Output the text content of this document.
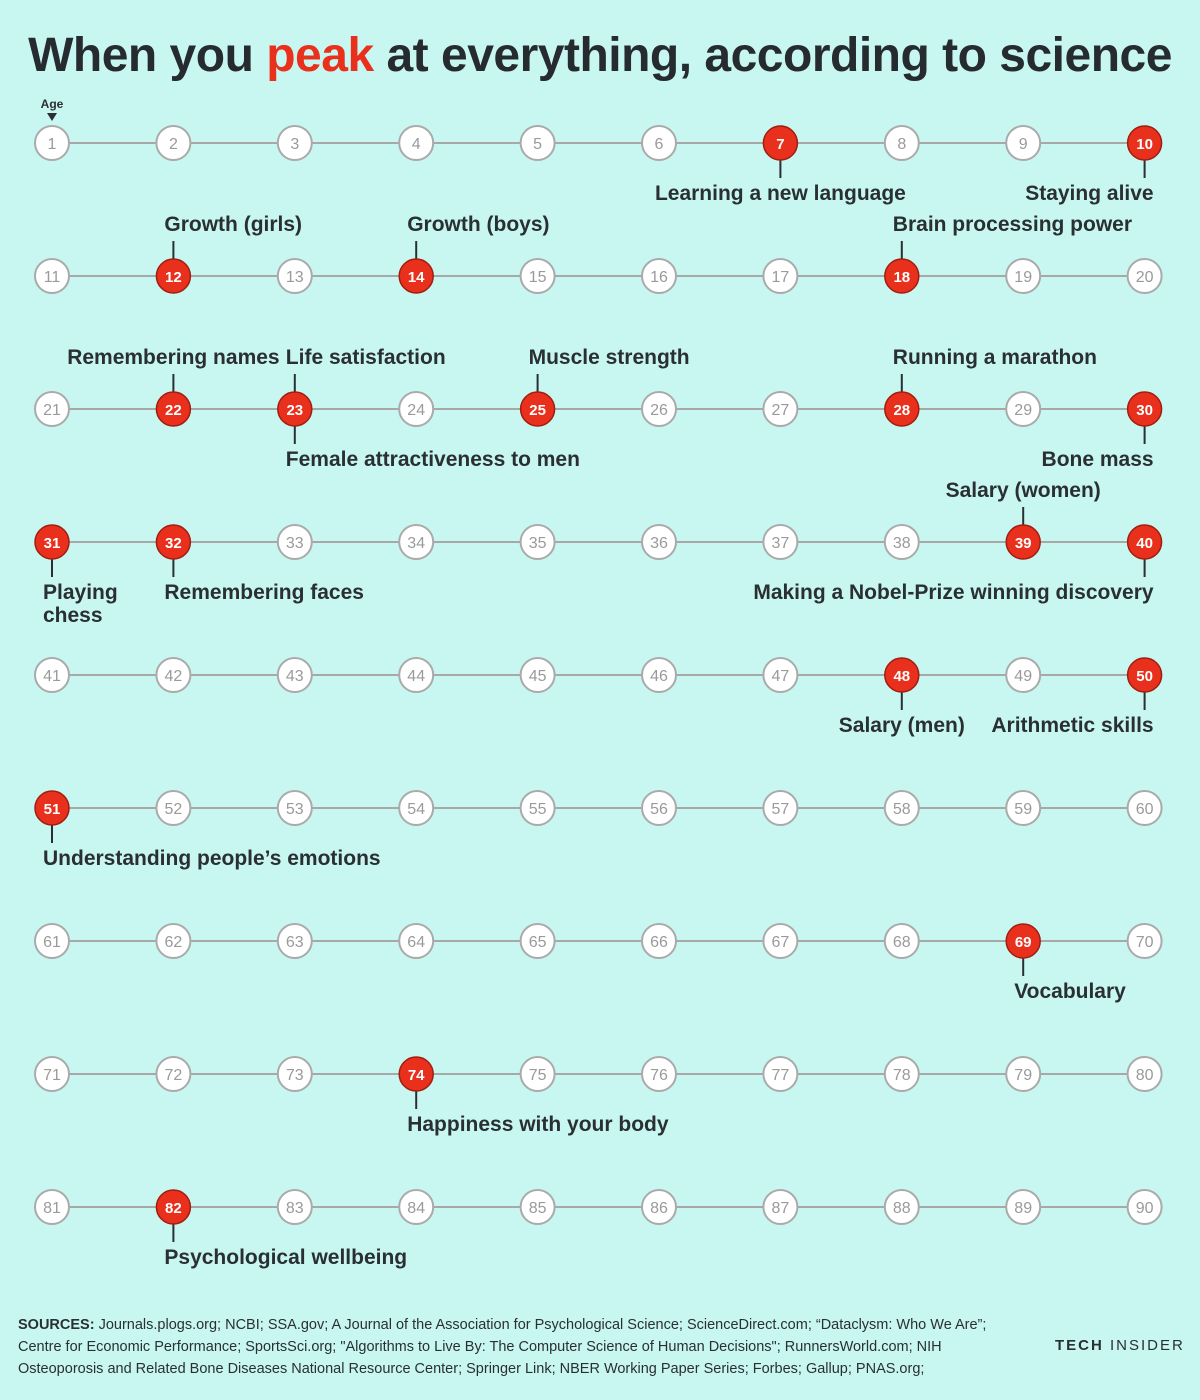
When you peak at everything, according to science
Age
1	2	3	4	5	6	7	8	9	10
11	12	13	14	15	16	17	18	19	20
21	22	23	24	25	26	27	28	29	30
31	32	33	34	35	36	37	38	39	40
41	42	43	44	45	46	47	48	49	50
51	52	53	54	55	56	57	58	59	60
61	62	63	64	65	66	67	68	69	70
71	72	73	74	75	76	77	78	79	80
81	82	83	84	85	86	87	88	89	90
Learning a new language	Staying alive
Growth (girls)	Growth (boys)	Brain processing power
Remembering names Life satisfaction
Female attractiveness to men
Muscle strength	Running a marathon
Bone mass
Playing
chess
Remembering faces
Salary (women)
Making a Nobel-Prize winning discovery
Salary (men) Arithmetic skills
Understanding people’s emotions
Vocabulary
Happiness with your body
Psychological wellbeing
SOURCES: Journals.plogs.org; NCBI; SSA.gov; A Journal of the Association for Psychological Science; ScienceDirect.com; “Dataclysm: Who We Are”; Centre for Economic Performance; SportsSci.org; "Algorithms to Live By: The Computer Science of Human Decisions"; RunnersWorld.com; NIH Osteoporosis and Related Bone Diseases National Resource Center; Springer Link; NBER Working Paper Series; Forbes; Gallup; PNAS.org;
TECH INSIDER
